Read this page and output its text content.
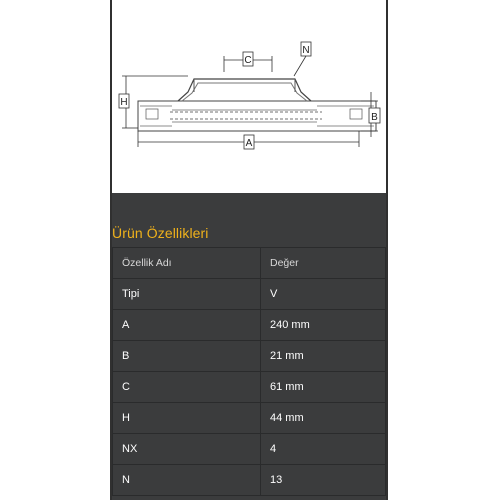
C
N
H
B
A
Ürün Özellikleri
Özellik Adı	Değer
Tipi	V
A	240 mm
B	21 mm
C	61 mm
H	44 mm
NX	4
N	13
